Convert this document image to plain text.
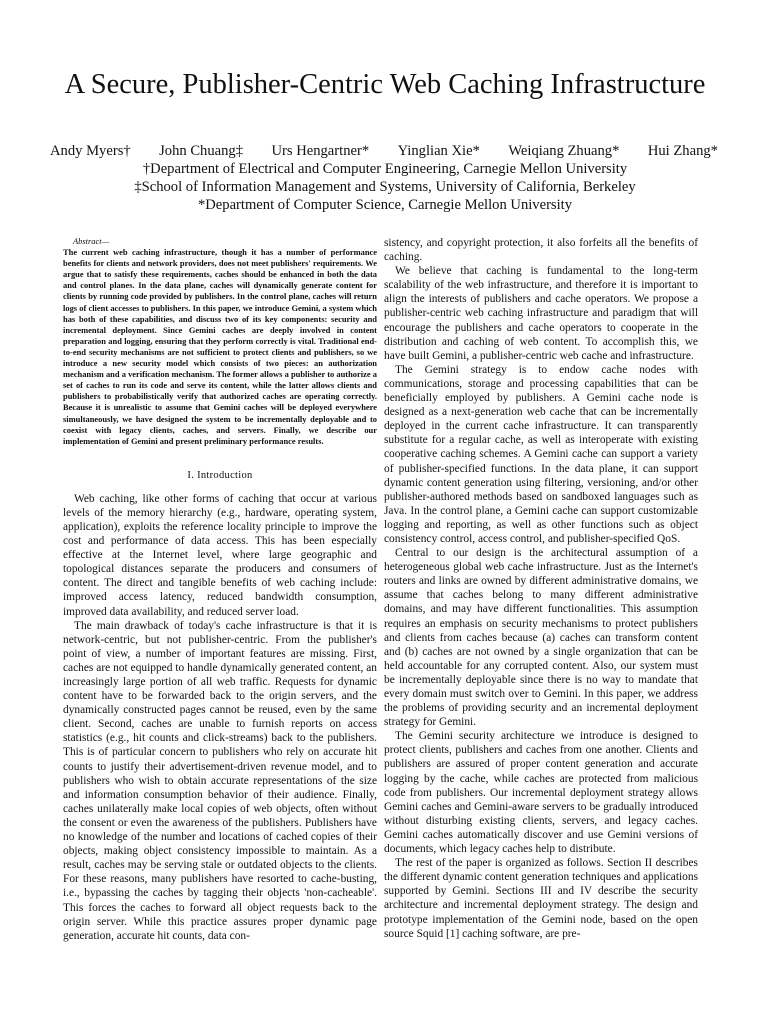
A Secure, Publisher-Centric Web Caching Infrastructure
Andy Myers† John Chuang‡ Urs Hengartner* Yinglian Xie* Weiqiang Zhuang* Hui Zhang*
†Department of Electrical and Computer Engineering, Carnegie Mellon University
‡School of Information Management and Systems, University of California, Berkeley
*Department of Computer Science, Carnegie Mellon University

Abstract—
The current web caching infrastructure, though it has a number of performance benefits for clients and network providers, does not meet publishers' requirements. We argue that to satisfy these requirements, caches should be enhanced in both the data and control planes. In the data plane, caches will dynamically generate content for clients by running code provided by publishers. In the control plane, caches will return logs of client accesses to publishers. In this paper, we introduce Gemini, a system which has both of these capabilities, and discuss two of its key components: security and incremental deployment. Since Gemini caches are deeply involved in content preparation and logging, ensuring that they perform correctly is vital. Traditional end-to-end security mechanisms are not sufficient to protect clients and publishers, so we introduce a new security model which consists of two pieces: an authorization mechanism and a verification mechanism. The former allows a publisher to authorize a set of caches to run its code and serve its content, while the latter allows clients and publishers to probabilistically verify that authorized caches are operating correctly. Because it is unrealistic to assume that Gemini caches will be deployed everywhere simultaneously, we have designed the system to be incrementally deployable and to coexist with legacy clients, caches, and servers. Finally, we describe our implementation of Gemini and present preliminary performance results.

I. Introduction

Web caching, like other forms of caching that occur at various levels of the memory hierarchy (e.g., hardware, operating system, application), exploits the reference locality principle to improve the cost and performance of data access. This has been especially effective at the Internet level, where large geographic and topological distances separate the producers and consumers of content. The direct and tangible benefits of web caching include: improved access latency, reduced bandwidth consumption, improved data availability, and reduced server load.

The main drawback of today's cache infrastructure is that it is network-centric, but not publisher-centric. From the publisher's point of view, a number of important features are missing. First, caches are not equipped to handle dynamically generated content, an increasingly large portion of all web traffic. Requests for dynamic content have to be forwarded back to the origin servers, and the dynamically constructed pages cannot be reused, even by the same client. Second, caches are unable to furnish reports on access statistics (e.g., hit counts and click-streams) back to the publishers. This is of particular concern to publishers who rely on accurate hit counts to justify their advertisement-driven revenue model, and to publishers who wish to obtain accurate representations of the size and information consumption behavior of their audience. Finally, caches unilaterally make local copies of web objects, often without the consent or even the awareness of the publishers. Publishers have no knowledge of the number and locations of cached copies of their objects, making object consistency impossible to maintain. As a result, caches may be serving stale or outdated objects to the clients. For these reasons, many publishers have resorted to cache-busting, i.e., bypassing the caches by tagging their objects 'non-cacheable'. This forces the caches to forward all object requests back to the origin server. While this practice assures proper dynamic page generation, accurate hit counts, data con-

sistency, and copyright protection, it also forfeits all the benefits of caching.

We believe that caching is fundamental to the long-term scalability of the web infrastructure, and therefore it is important to align the interests of publishers and cache operators. We propose a publisher-centric web caching infrastructure and paradigm that will encourage the publishers and cache operators to cooperate in the distribution and caching of web content. To accomplish this, we have built Gemini, a publisher-centric web cache and infrastructure.

The Gemini strategy is to endow cache nodes with communications, storage and processing capabilities that can be beneficially employed by publishers. A Gemini cache node is designed as a next-generation web cache that can be incrementally deployed in the current cache infrastructure. It can transparently substitute for a regular cache, as well as interoperate with existing cooperative caching schemes. A Gemini cache can support a variety of publisher-specified functions. In the data plane, it can support dynamic content generation using filtering, versioning, and/or other publisher-authored methods based on sandboxed languages such as Java. In the control plane, a Gemini cache can support customizable logging and reporting, as well as other functions such as object consistency control, access control, and publisher-specified QoS.

Central to our design is the architectural assumption of a heterogeneous global web cache infrastructure. Just as the Internet's routers and links are owned by different administrative domains, we assume that caches belong to many different administrative domains, and may have different functionalities. This assumption requires an emphasis on security mechanisms to protect publishers and clients from caches because (a) caches can transform content and (b) caches are not owned by a single organization that can be held accountable for any corrupted content. Also, our system must be incrementally deployable since there is no way to mandate that every domain must switch over to Gemini. In this paper, we address the problems of providing security and an incremental deployment strategy for Gemini.

The Gemini security architecture we introduce is designed to protect clients, publishers and caches from one another. Clients and publishers are assured of proper content generation and accurate logging by the cache, while caches are protected from malicious code from publishers. Our incremental deployment strategy allows Gemini caches and Gemini-aware servers to be gradually introduced without disturbing existing clients, servers, and legacy caches. Gemini caches automatically discover and use Gemini versions of documents, which legacy caches help to distribute.

The rest of the paper is organized as follows. Section II describes the different dynamic content generation techniques and applications supported by Gemini. Sections III and IV describe the security architecture and incremental deployment strategy. The design and prototype implementation of the Gemini node, based on the open source Squid [1] caching software, are pre-
